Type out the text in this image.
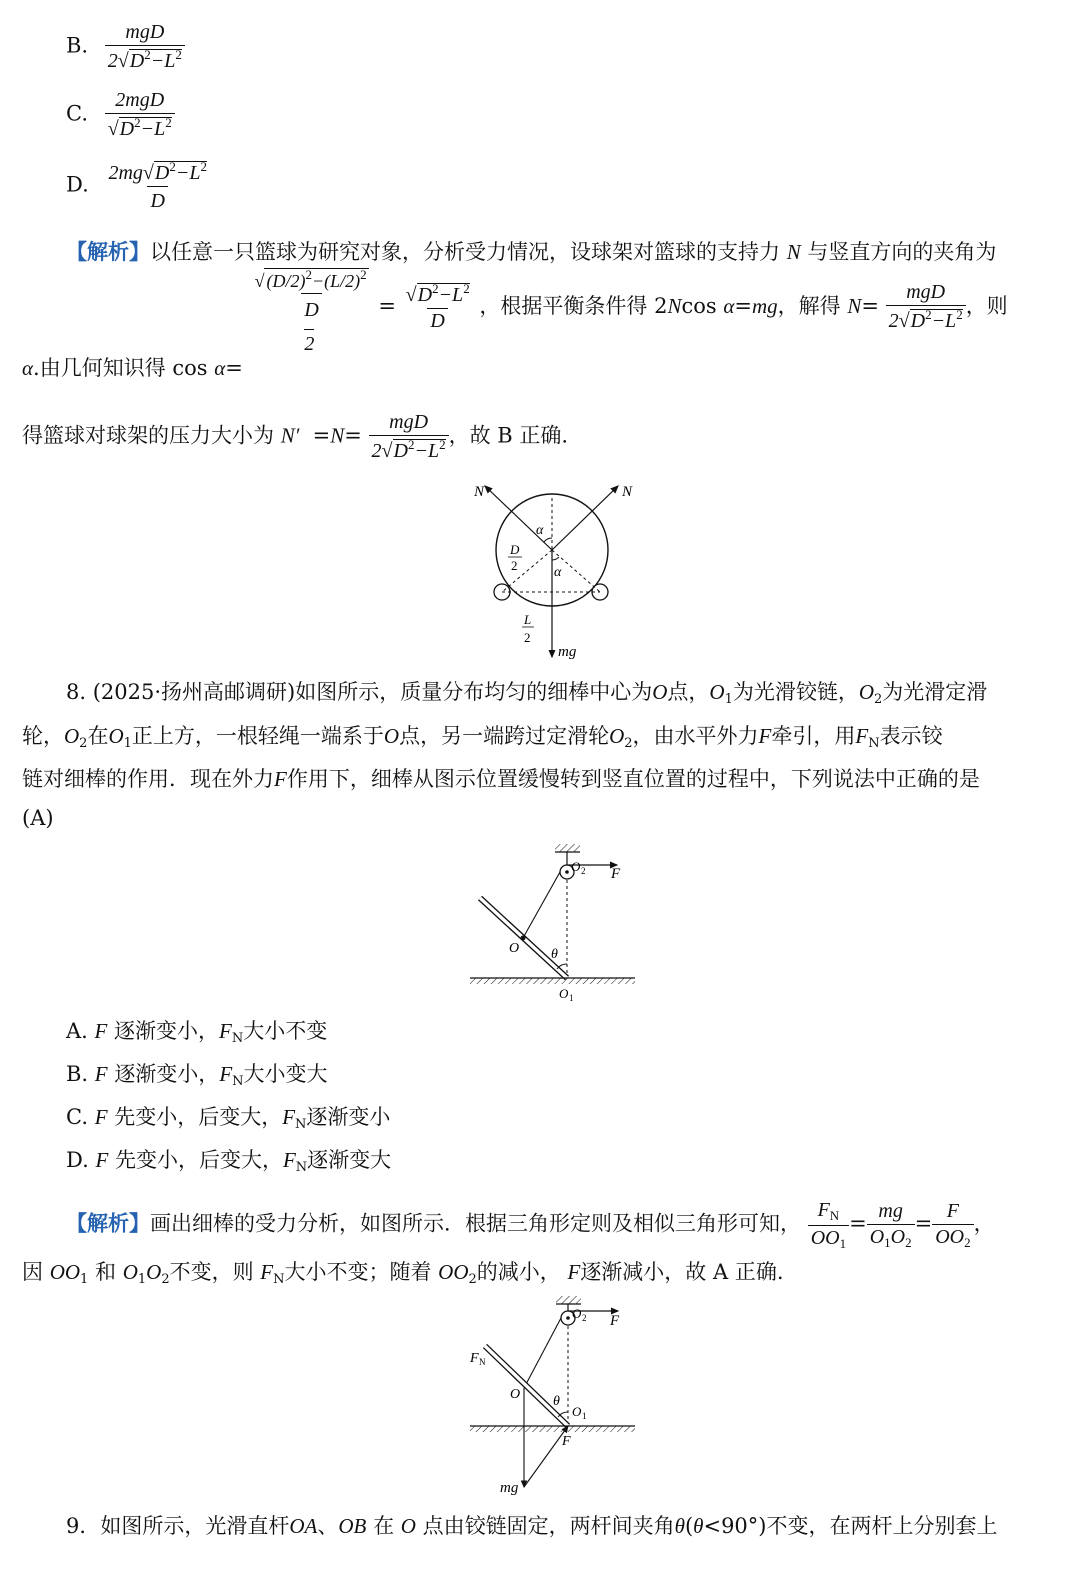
B. $\frac{\text{mgD}}{2√D^2-L^2}$
C. $\frac{\text{2mgD}}{√D^2-L^2}$
D. $\frac{2mg√D^2-L^2}{D}$
【解析】以任意一只篮球为研究对象，分析受力情况，设球架对篮球的支持力 N 与竖直方向的夹角为
α.由几何知识得 cos α=
√ $(D/2)^2-(L/2)^2$
D
2
= $\frac{√D^2-L^2}{D}$ ，根据平衡条件得 2Ncos α=mg，解得 $N= \frac{\text{mgD}}{2√D^2-L^2}$ ，则
得篮球对球架的压力大小为 $N' =N= \frac{\text{mgD}}{2√D^2-L^2}$ ，故 B 正确.
N	N
α
α
D
2
L
2
mg
8. (2025·扬州高邮调研)如图所示，质量分布均匀的细棒中心为O点，$O_1$为光滑铰链，$O_2$为光滑定滑
轮，$O_2$在$O_1$正上方，一根轻绳一端系于O点，另一端跨过定滑轮$O_2$，由水平外力F牵引，用$F_N$表示铰
链对细棒的作用．现在外力F作用下，细棒从图示位置缓慢转到竖直位置的过程中，下列说法中正确的是
(A)
O 2 F
O θ
O 1
A. F 逐渐变小，$F_N$大小不变
B. F 逐渐变小，$F_N$大小变大
C. F 先变小，后变大，$F_N$逐渐变小
D. F 先变小，后变大，$F_N$逐渐变大
【解析】画出细棒的受力分析，如图所示．根据三角形定则及相似三角形可知， $\frac{F_N}{OO_1} = \frac{mg}{O_1O_2} = \frac{F}{OO_2}$ ，
因 $OO_1$ 和 $O_1O_2$不变，则 $F_N$大小不变；随着 $OO_2$的减小， F逐渐减小，故 A 正确.
O 2 F
F N
O θ
O 1
F
mg
9．如图所示，光滑直杆OA、OB 在 O 点由铰链固定，两杆间夹角θ(θ<90°)不变，在两杆上分别套上
